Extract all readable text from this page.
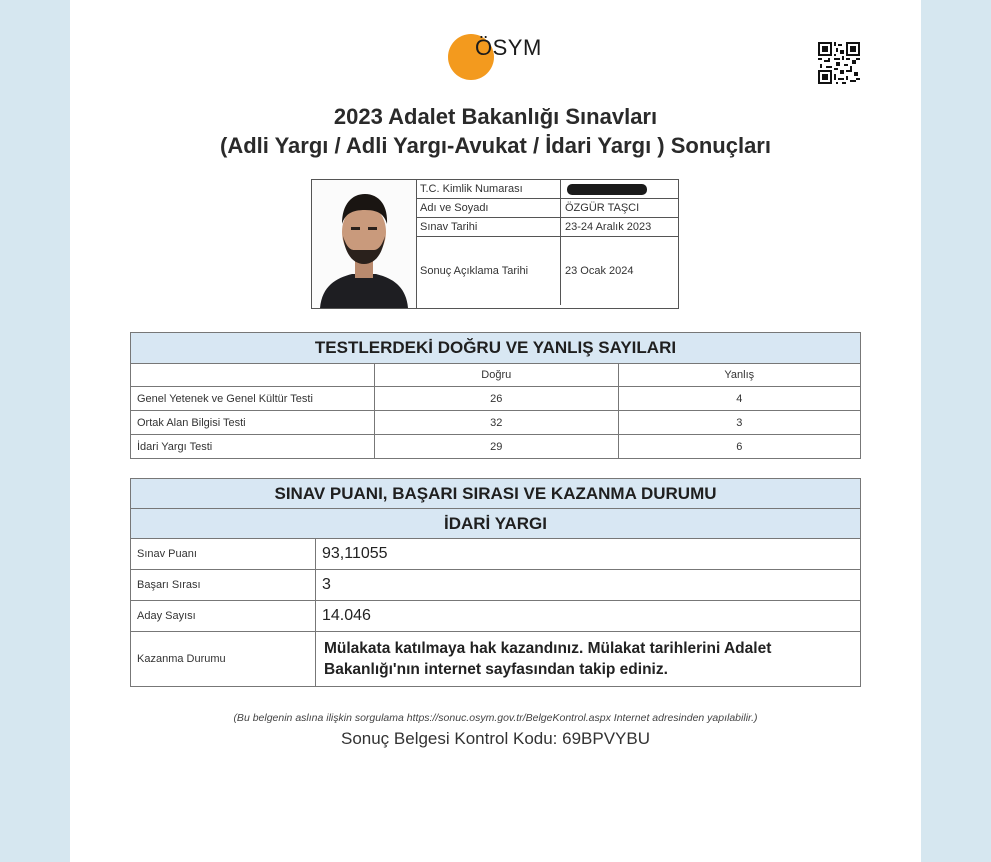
ÖSYM
2023 Adalet Bakanlığı Sınavları
(Adli Yargı / Adli Yargı-Avukat / İdari Yargı ) Sonuçları
T.C. Kimlik Numarası	

Adı ve Soyadı	ÖZGÜR TAŞCI
Sınav Tarihi	23-24 Aralık 2023
Sonuç Açıklama Tarihi	23 Ocak 2024
TESTLERDEKİ DOĞRU VE YANLIŞ SAYILARI		
	Doğru	Yanlış
Genel Yetenek ve Genel Kültür Testi	26	4
Ortak Alan Bilgisi Testi	32	3
İdari Yargı Testi	29	6
SINAV PUANI, BAŞARI SIRASI VE KAZANMA DURUMU	
İDARİ YARGI	
Sınav Puanı	93,11055
Başarı Sırası	3
Aday Sayısı	14.046
Kazanma Durumu	Mülakata katılmaya hak kazandınız. Mülakat tarihlerini Adalet Bakanlığı'nın internet sayfasından takip ediniz.
(Bu belgenin aslına ilişkin sorgulama https://sonuc.osym.gov.tr/BelgeKontrol.aspx Internet adresinden yapılabilir.)
Sonuç Belgesi Kontrol Kodu: 69BPVYBU
